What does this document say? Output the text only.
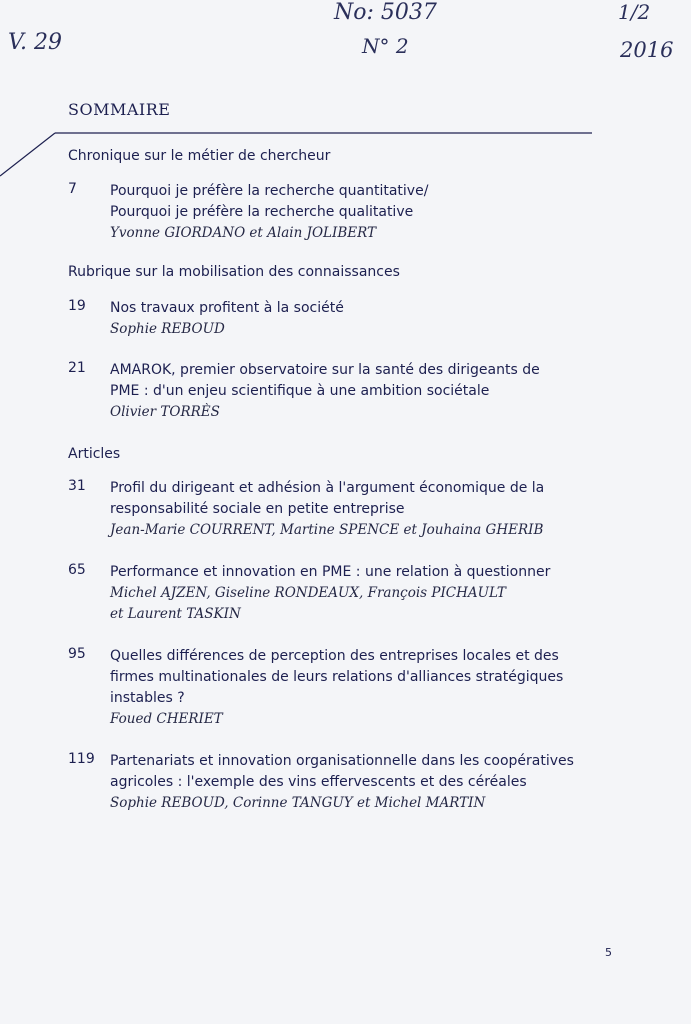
V. 29
No: 5037
N° 2
1/2
2016
SOMMAIRE
Chronique sur le métier de chercheur
7	Pourquoi je préfère la recherche quantitative/
Pourquoi je préfère la recherche qualitative
Yvonne GIORDANO et Alain JOLIBERT
Rubrique sur la mobilisation des connaissances
19	Nos travaux profitent à la société
Sophie REBOUD
21	AMAROK, premier observatoire sur la santé des dirigeants de
PME : d'un enjeu scientifique à une ambition sociétale
Olivier TORRÈS
Articles
31	Profil du dirigeant et adhésion à l'argument économique de la
responsabilité sociale en petite entreprise
Jean-Marie COURRENT, Martine SPENCE et Jouhaina GHERIB
65	Performance et innovation en PME : une relation à questionner
Michel AJZEN, Giseline RONDEAUX, François PICHAULT
et Laurent TASKIN
95	Quelles différences de perception des entreprises locales et des
firmes multinationales de leurs relations d'alliances stratégiques
instables ?
Foued CHERIET
119	Partenariats et innovation organisationnelle dans les coopératives
agricoles : l'exemple des vins effervescents et des céréales
Sophie REBOUD, Corinne TANGUY et Michel MARTIN
5
